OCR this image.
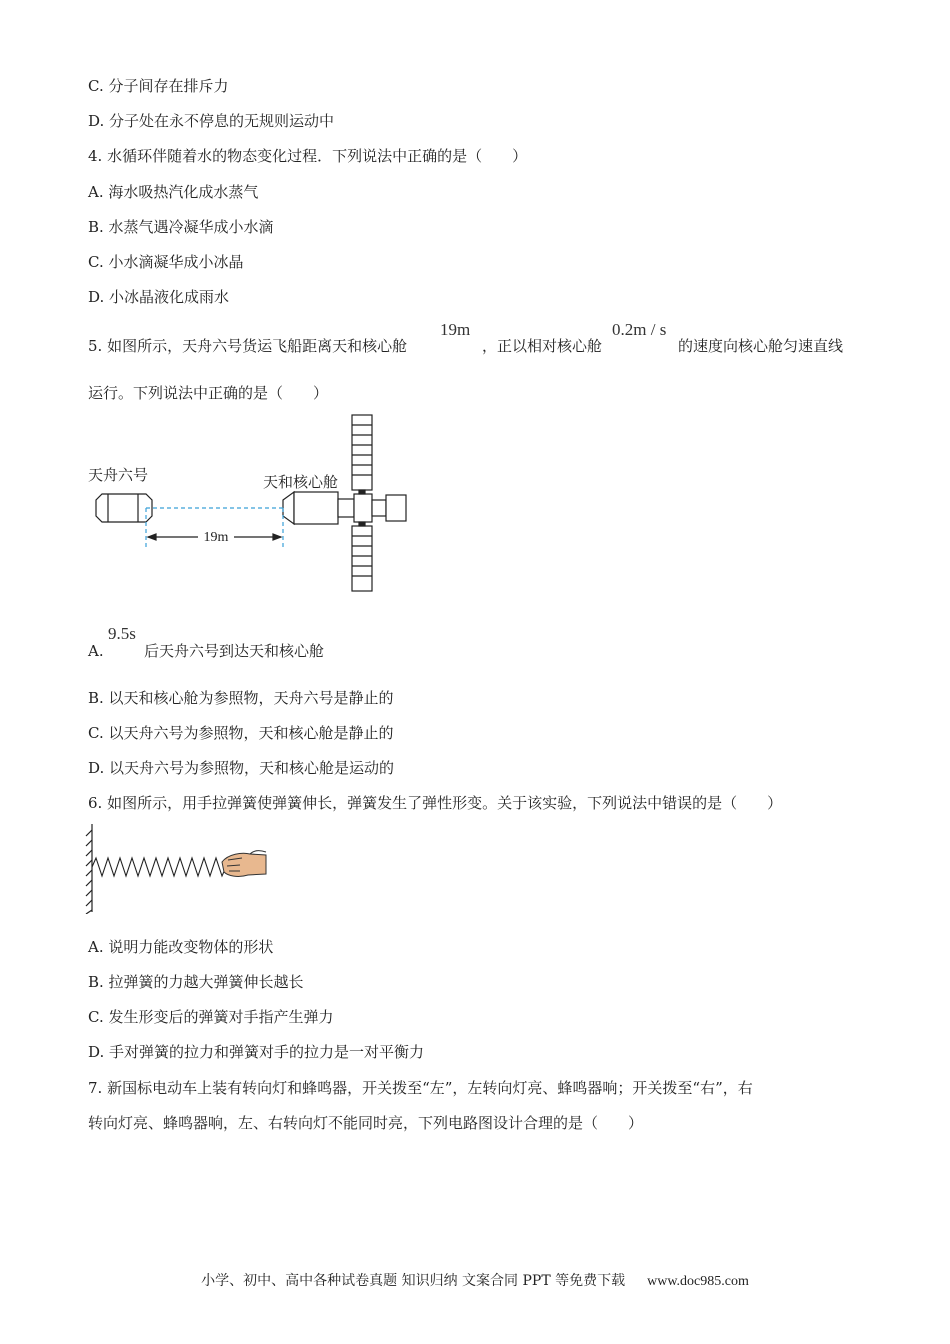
C. 分子间存在排斥力
D. 分子处在永不停息的无规则运动中
4. 水循环伴随着水的物态变化过程．下列说法中正确的是（　　）
A. 海水吸热汽化成水蒸气
B. 水蒸气遇冷凝华成小水滴
C. 小水滴凝华成小冰晶
D. 小冰晶液化成雨水
5. 如图所示，天舟六号货运飞船距离天和核心舱
19m
，正以相对核心舱
0.2m / s
的速度向核心舱匀速直线
运行。下列说法中正确的是（　　）
天舟六号	天和核心舱
19m
A.
9.5s
后天舟六号到达天和核心舱
B. 以天和核心舱为参照物，天舟六号是静止的
C. 以天舟六号为参照物，天和核心舱是静止的
D. 以天舟六号为参照物，天和核心舱是运动的
6. 如图所示，用手拉弹簧使弹簧伸长，弹簧发生了弹性形变。关于该实验，下列说法中错误的是（　　）
A. 说明力能改变物体的形状
B. 拉弹簧的力越大弹簧伸长越长
C. 发生形变后的弹簧对手指产生弹力
D. 手对弹簧的拉力和弹簧对手的拉力是一对平衡力
7. 新国标电动车上装有转向灯和蜂鸣器，开关拨至“左”，左转向灯亮、蜂鸣器响；开关拨至“右”，右
转向灯亮、蜂鸣器响，左、右转向灯不能同时亮，下列电路图设计合理的是（　　）
小学、初中、高中各种试卷真题 知识归纳 文案合同 PPT 等免费下载 www.doc985.com
